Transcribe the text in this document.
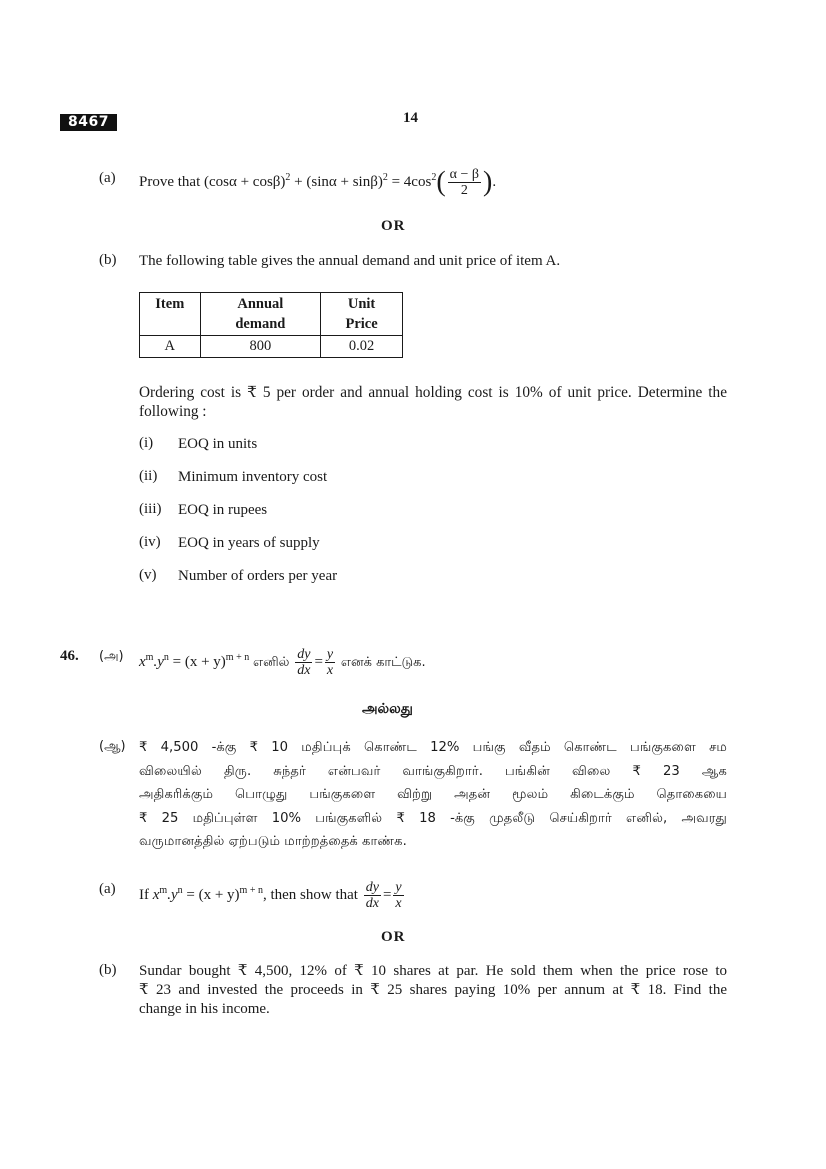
8467	14
(a) Prove that $(\cos\alpha + \cos\beta)^2 + (\sin\alpha + \sin\beta)^2 = 4\cos^2( \frac{\alpha - \beta}{2}$ ).
OR
(b) The following table gives the annual demand and unit price of item A.
Item	Annual demand	Unit Price
A	800	0.02
Ordering cost is ₹ 5 per order and annual holding cost is 10% of unit price. Determine the following :
(i) EOQ in units
(ii) Minimum inventory cost
(iii) EOQ in rupees
(iv) EOQ in years of supply
(v) Number of orders per year
46. (அ) $x^m.y^n = (x + y)^{m + n}$ எனில் $\frac{dy}{dx} = \frac{y}{x}$ எனக் காட்டுக.
அல்லது
(ஆ) ₹ 4,500 -க்கு ₹ 10 மதிப்புக் கொண்ட 12% பங்கு வீதம் கொண்ட பங்குகளை சம
விலையில் திரு. சுந்தர் என்பவர் வாங்குகிறார். பங்கின் விலை ₹ 23 ஆக
அதிகரிக்கும் பொழுது பங்குகளை விற்று அதன் மூலம் கிடைக்கும் தொகையை
₹ 25 மதிப்புள்ள 10% பங்குகளில் ₹ 18 -க்கு முதலீடு செய்கிறார் எனில், அவரது
வருமானத்தில் ஏற்படும் மாற்றத்தைக் காண்க.
(a) If $x^m.y^n = (x + y)^{m + n}$, then show that $\frac{dy}{dx} = \frac{y}{x}$
OR
(b) Sundar bought ₹ 4,500, 12% of ₹ 10 shares at par. He sold them when the price rose to
₹ 23 and invested the proceeds in ₹ 25 shares paying 10% per annum at ₹ 18. Find the
change in his income.
